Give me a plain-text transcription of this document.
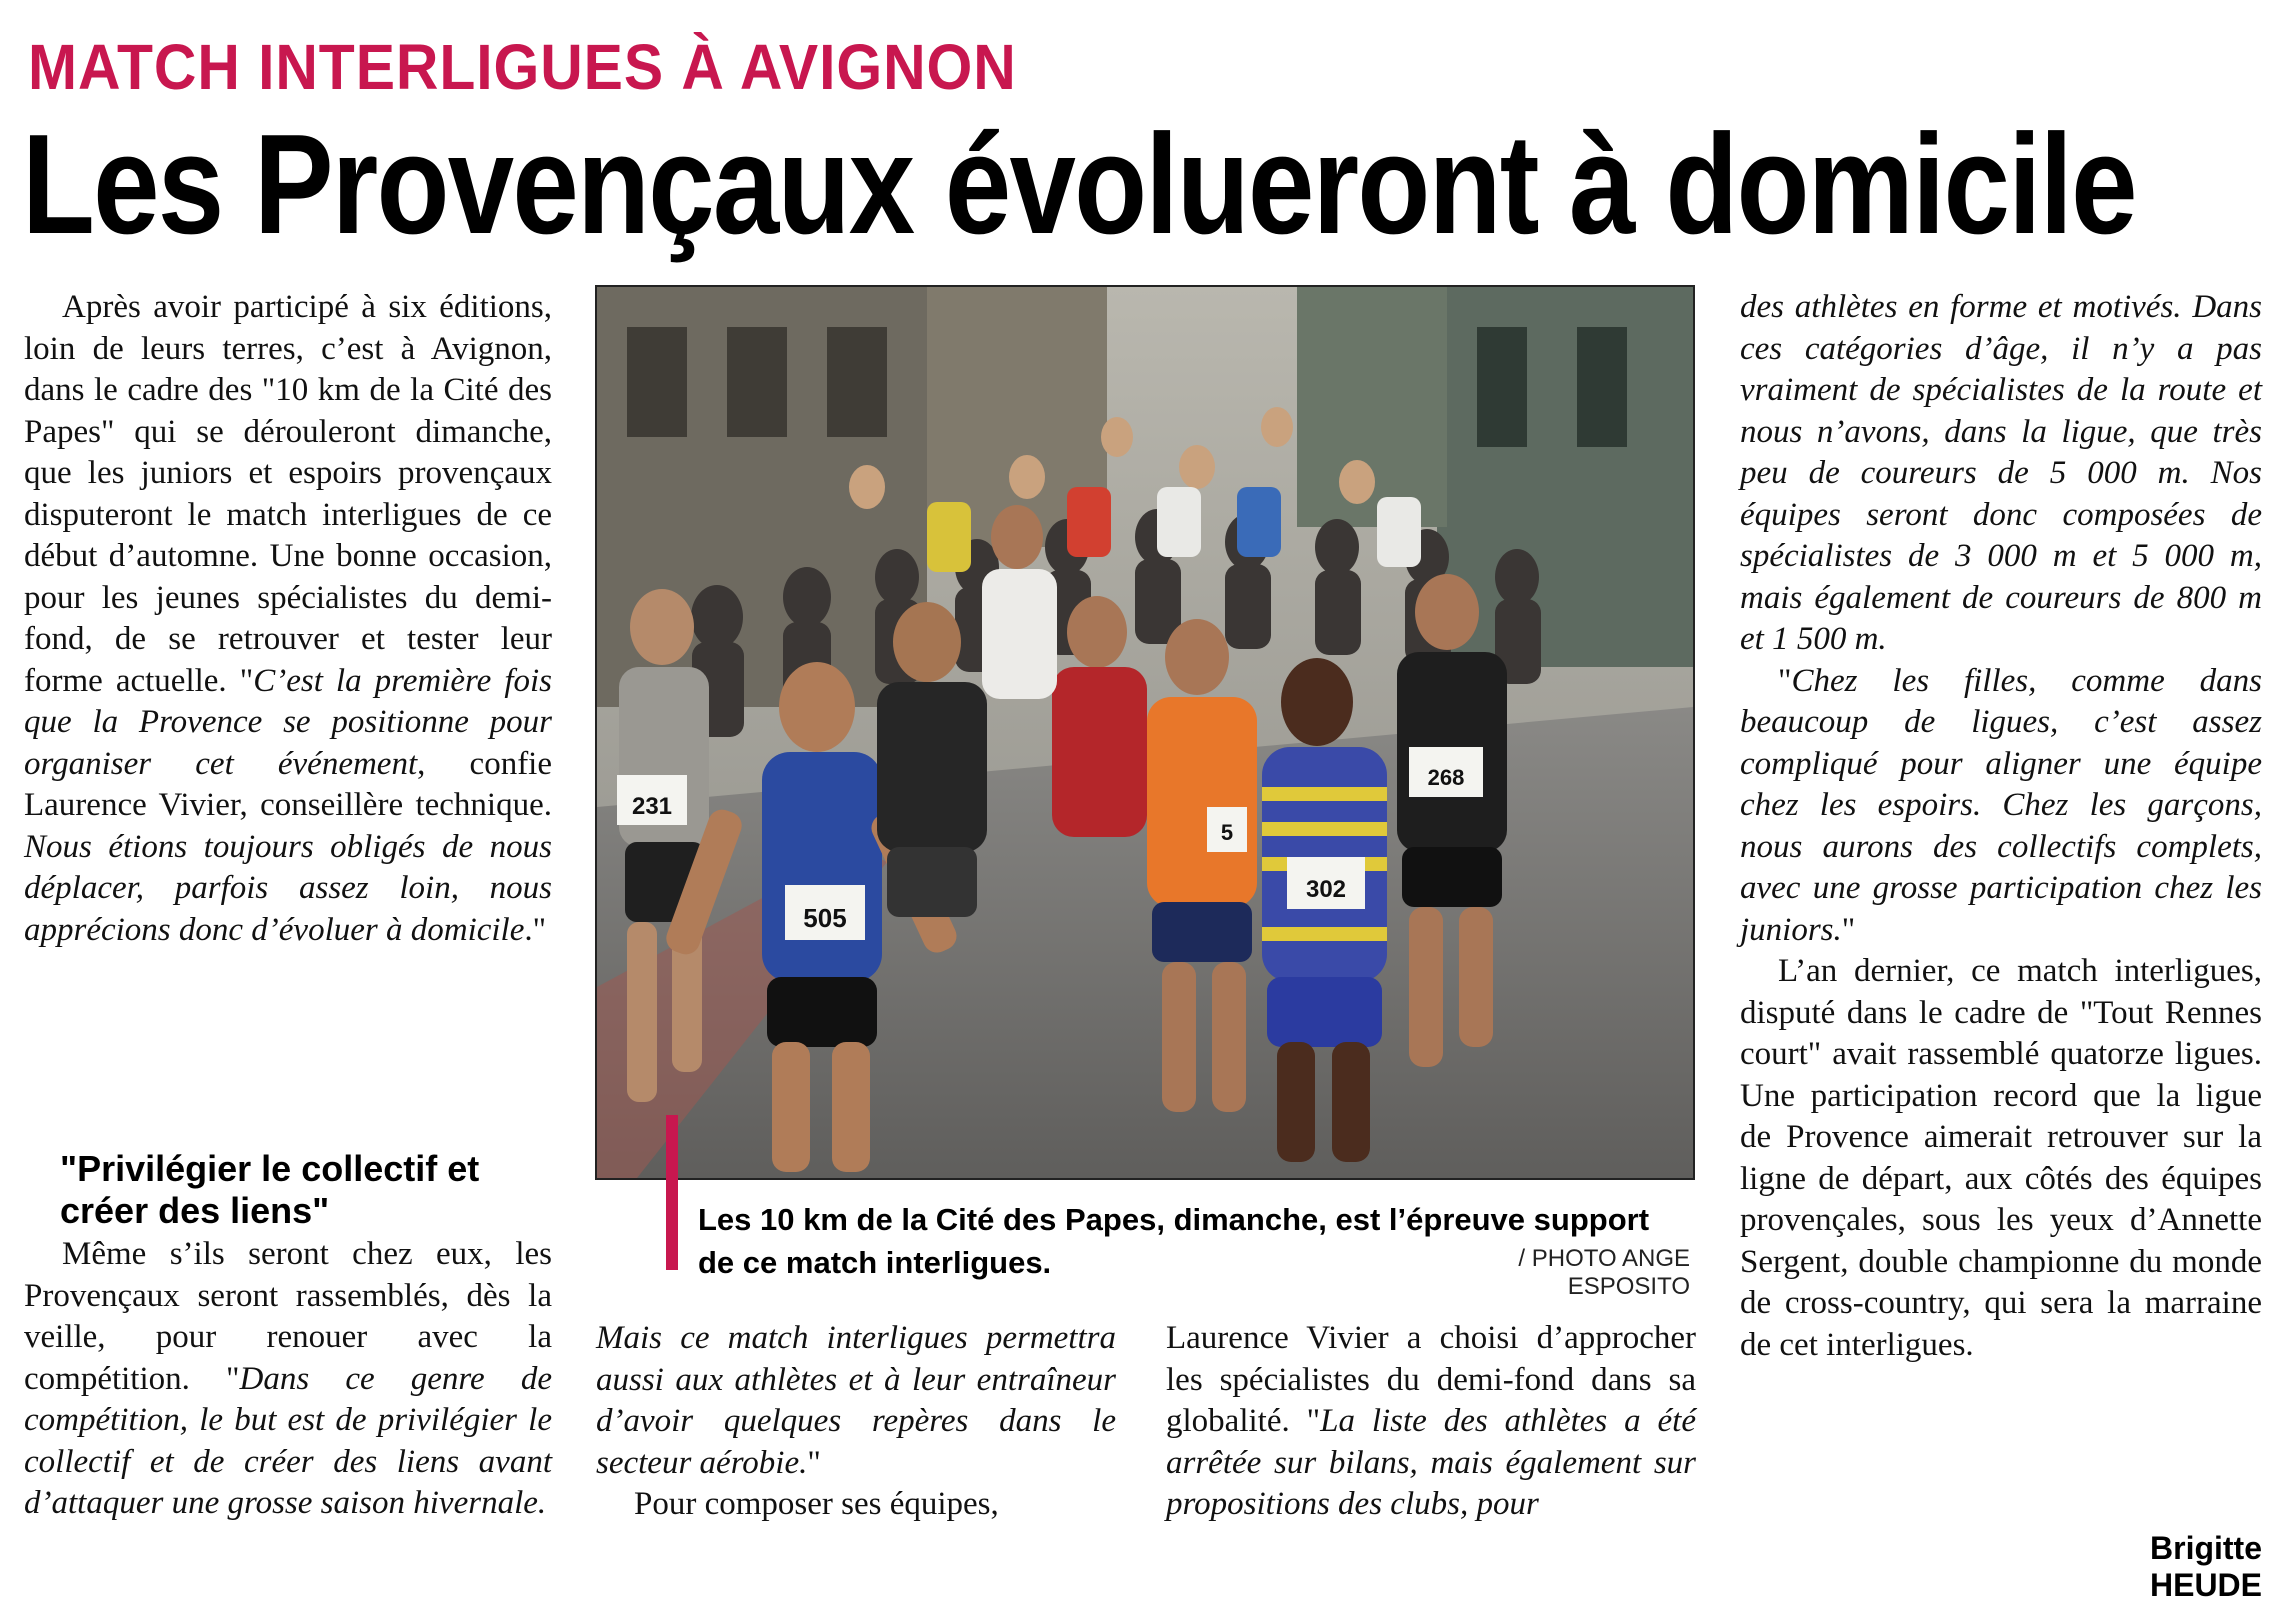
MATCH INTERLIGUES À AVIGNON
Les Provençaux évolueront à domicile

Après avoir participé à six éditions, loin de leurs terres, c’est à Avignon, dans le cadre des "10 km de la Cité des Papes" qui se dérouleront dimanche, que les juniors et espoirs provençaux disputeront le match interligues de ce début d’automne. Une bonne occasion, pour les jeunes spécialistes du demi-fond, de se retrouver et tester leur forme actuelle. "C’est la première fois que la Provence se positionne pour organiser cet événement, confie Laurence Vivier, conseillère technique. Nous étions toujours obligés de nous déplacer, parfois assez loin, nous apprécions donc d’évoluer à domicile."

"Privilégier le collectif et créer des liens"

Même s’ils seront chez eux, les Provençaux seront rassemblés, dès la veille, pour renouer avec la compétition. "Dans ce genre de compétition, le but est de privilégier le collectif et de créer des liens avant d’attaquer une grosse saison hivernale.

231
505
302
268
5
Les 10 km de la Cité des Papes, dimanche, est l’épreuve support de ce match interligues.	/ PHOTO ANGE ESPOSITO

Mais ce match interligues permettra aussi aux athlètes et à leur entraîneur d’avoir quelques repères dans le secteur aérobie."

Pour composer ses équipes,

Laurence Vivier a choisi d’approcher les spécialistes du demi-fond dans sa globalité. "La liste des athlètes a été arrêtée sur bilans, mais également sur propositions des clubs, pour

des athlètes en forme et motivés. Dans ces catégories d’âge, il n’y a pas vraiment de spécialistes de la route et nous n’avons, dans la ligue, que très peu de coureurs de 5 000 m. Nos équipes seront donc composées de spécialistes de 3 000 m et 5 000 m, mais également de coureurs de 800 m et 1 500 m.

"Chez les filles, comme dans beaucoup de ligues, c’est assez compliqué pour aligner une équipe chez les espoirs. Chez les garçons, nous aurons des collectifs complets, avec une grosse participation chez les juniors."

L’an dernier, ce match interligues, disputé dans le cadre de "Tout Rennes court" avait rassemblé quatorze ligues. Une participation record que la ligue de Provence aimerait retrouver sur la ligne de départ, aux côtés des équipes provençales, sous les yeux d’Annette Sergent, double championne du monde de cross-country, qui sera la marraine de cet interligues.

Brigitte HEUDE
